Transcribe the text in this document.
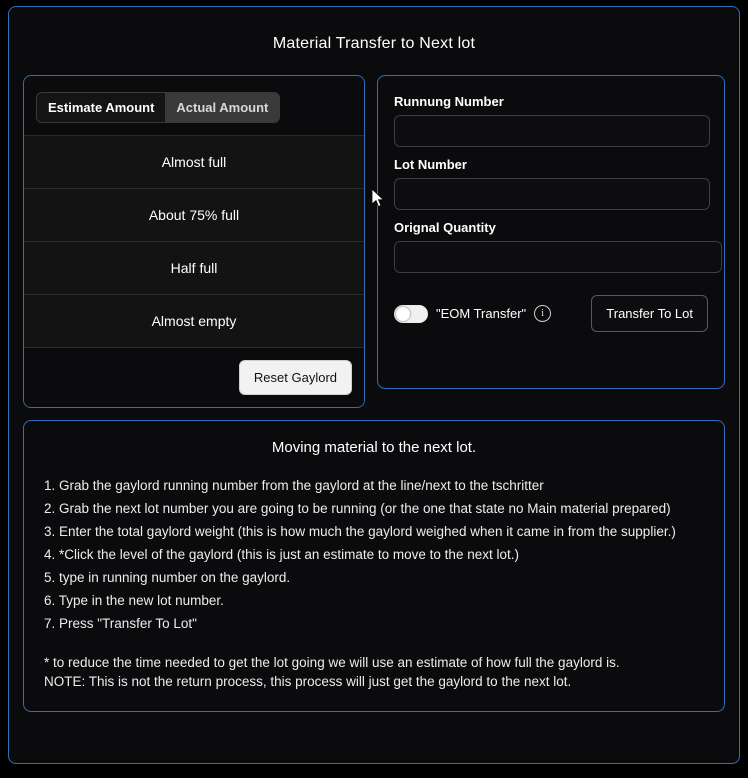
Material Transfer to Next lot
Estimate Amount	Actual Amount
Almost full
About 75% full
Half full
Almost empty
Reset Gaylord
Runnung Number
Lot Number
Orignal Quantity
"EOM Transfer"	i	Transfer To Lot
Moving material to the next lot.

1. Grab the gaylord running number from the gaylord at the line/next to the tschritter

2. Grab the next lot number you are going to be running (or the one that state no Main material prepared)

3. Enter the total gaylord weight (this is how much the gaylord weighed when it came in from the supplier.)

4. *Click the level of the gaylord (this is just an estimate to move to the next lot.)

5. type in running number on the gaylord.

6. Type in the new lot number.

7. Press "Transfer To Lot"

* to reduce the time needed to get the lot going we will use an estimate of how full the gaylord is.

NOTE: This is not the return process, this process will just get the gaylord to the next lot.
